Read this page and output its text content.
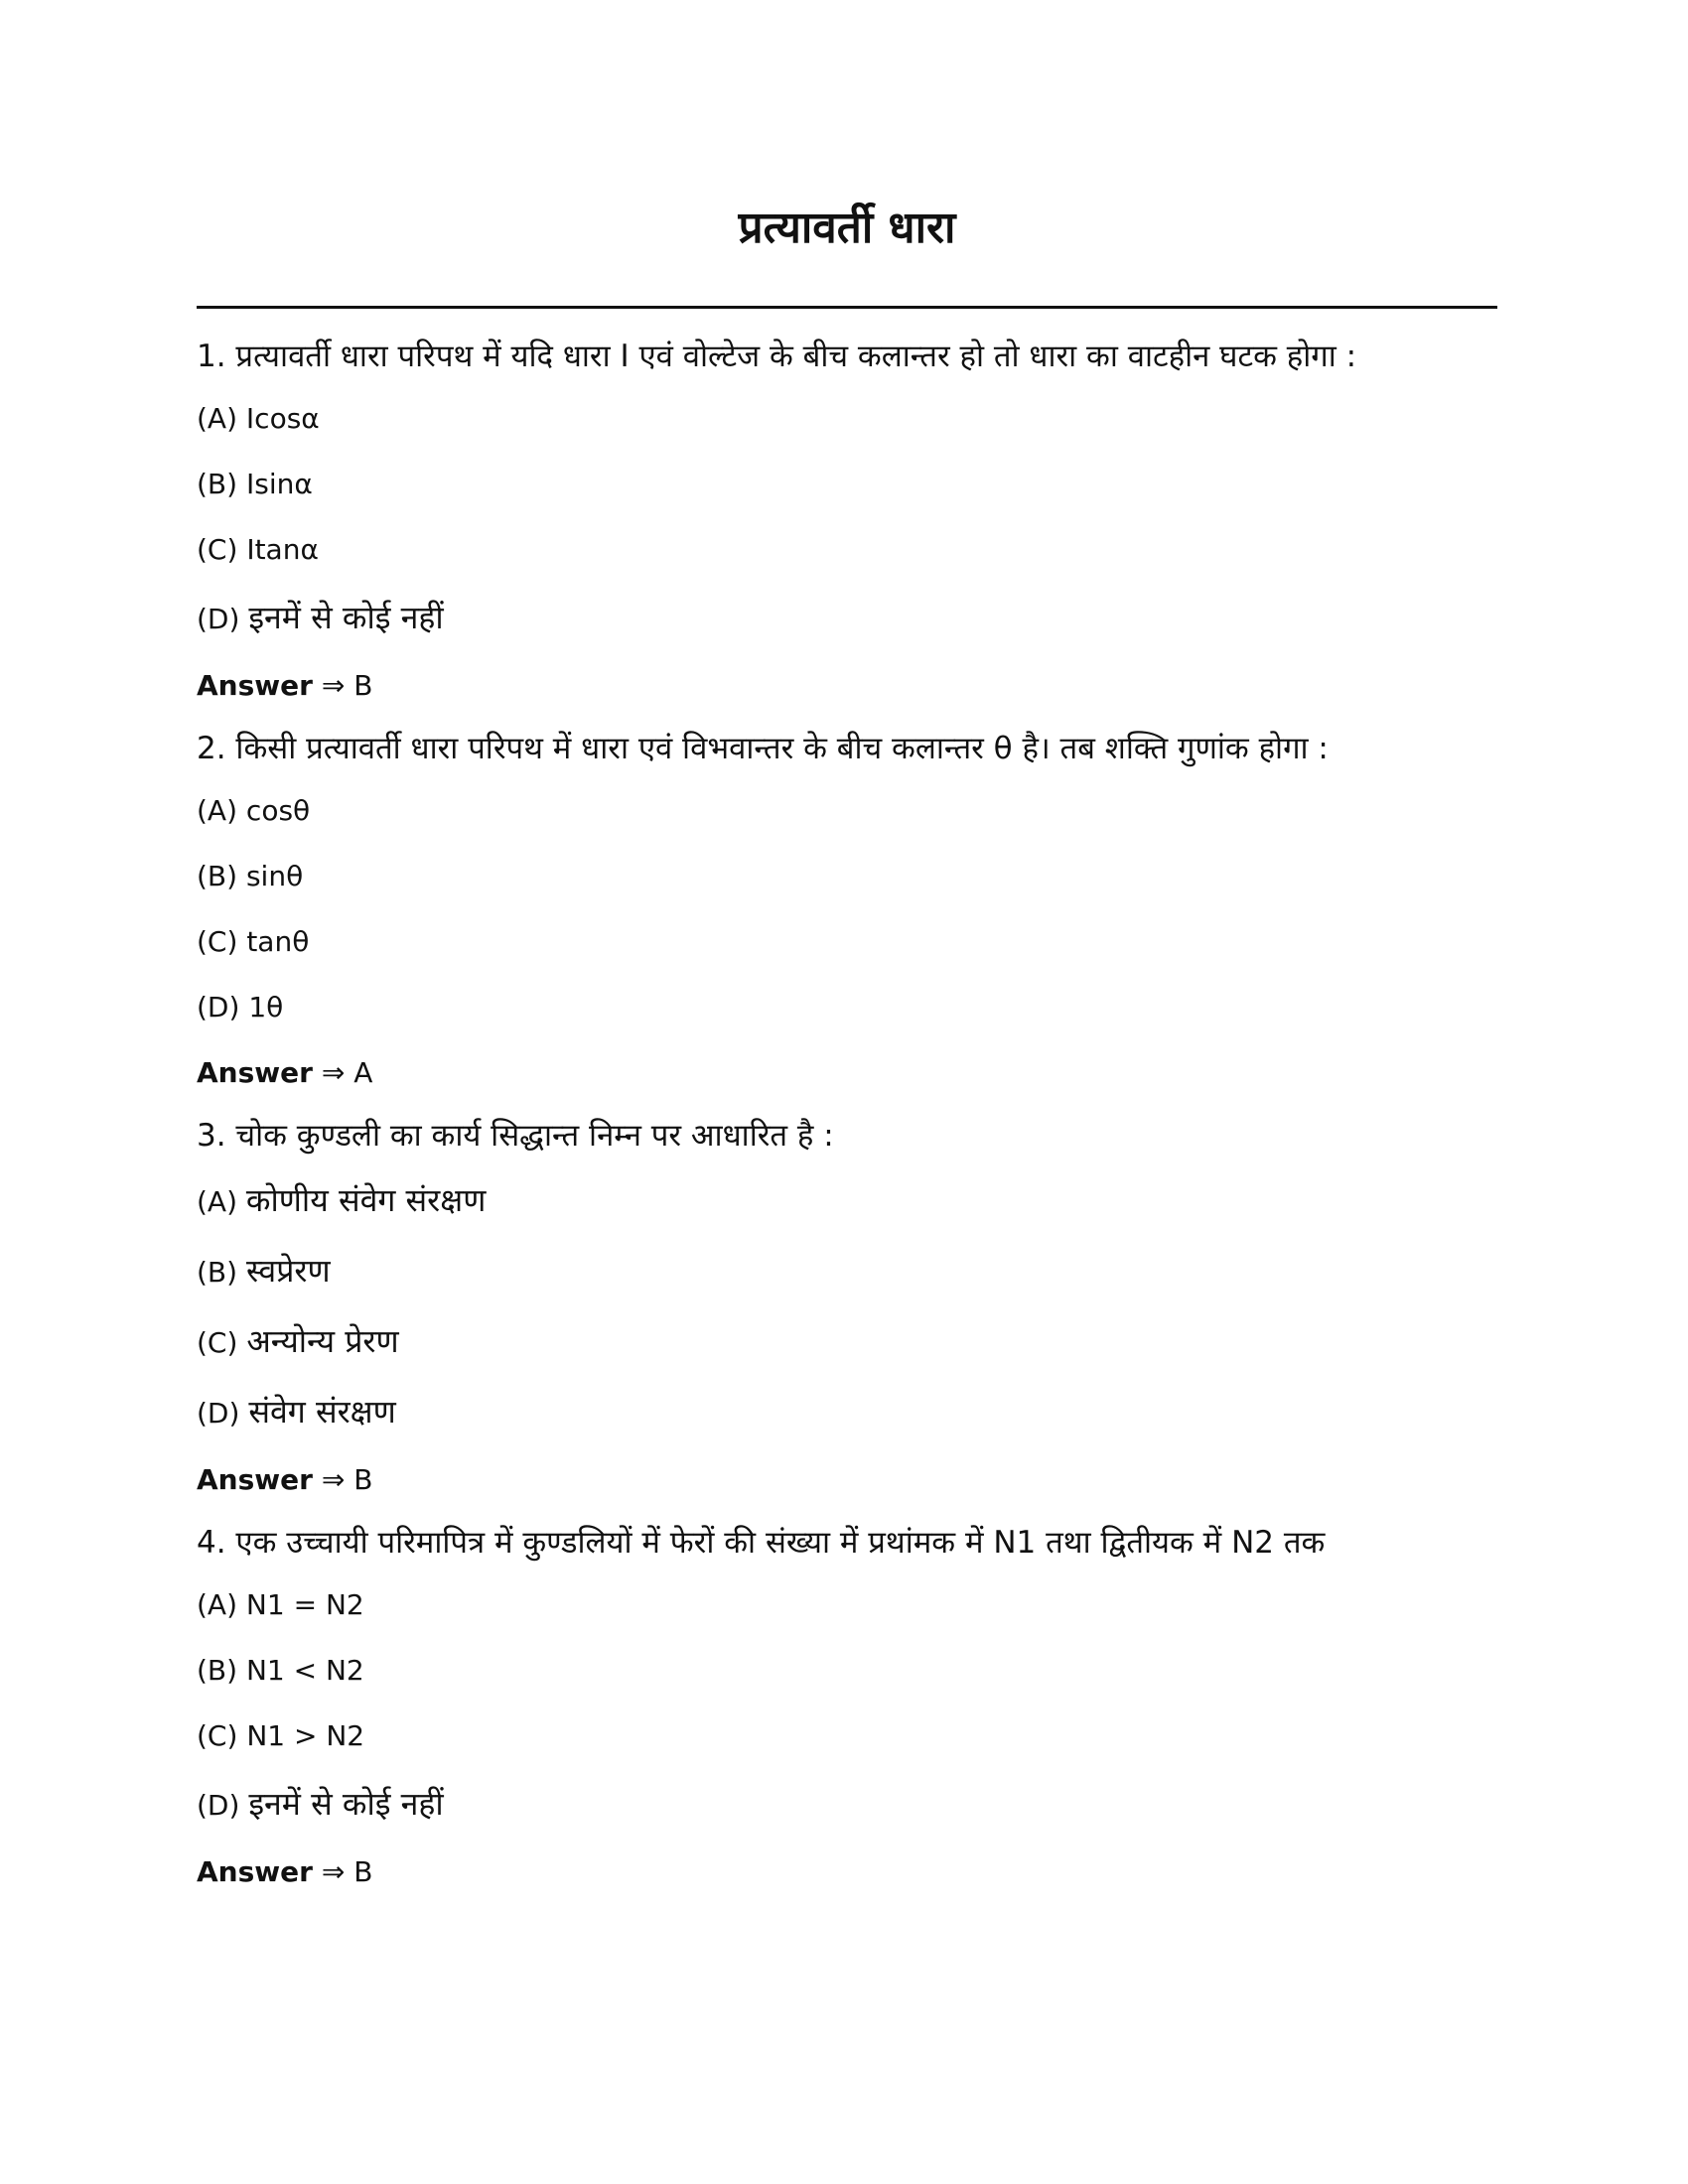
प्रत्यावर्ती धारा
1. प्रत्यावर्ती धारा परिपथ में यदि धारा I एवं वोल्टेज के बीच कलान्तर हो तो धारा का वाटहीन घटक होगा :
(A) Icosα
(B) Isinα
(C) Itanα
(D) इनमें से कोई नहीं
Answer ⇒ B
2. किसी प्रत्यावर्ती धारा परिपथ में धारा एवं विभवान्तर के बीच कलान्तर θ है। तब शक्ति गुणांक होगा :
(A) cosθ
(B) sinθ
(C) tanθ
(D) 1θ
Answer ⇒ A
3. चोक कुण्डली का कार्य सिद्धान्त निम्न पर आधारित है :
(A) कोणीय संवेग संरक्षण
(B) स्वप्रेरण
(C) अन्योन्य प्रेरण
(D) संवेग संरक्षण
Answer ⇒ B
4. एक उच्चायी परिमापित्र में कुण्डलियों में फेरों की संख्या में प्रथांमक में N1 तथा द्वितीयक में N2 तक
(A) N1 = N2
(B) N1 < N2
(C) N1 > N2
(D) इनमें से कोई नहीं
Answer ⇒ B
